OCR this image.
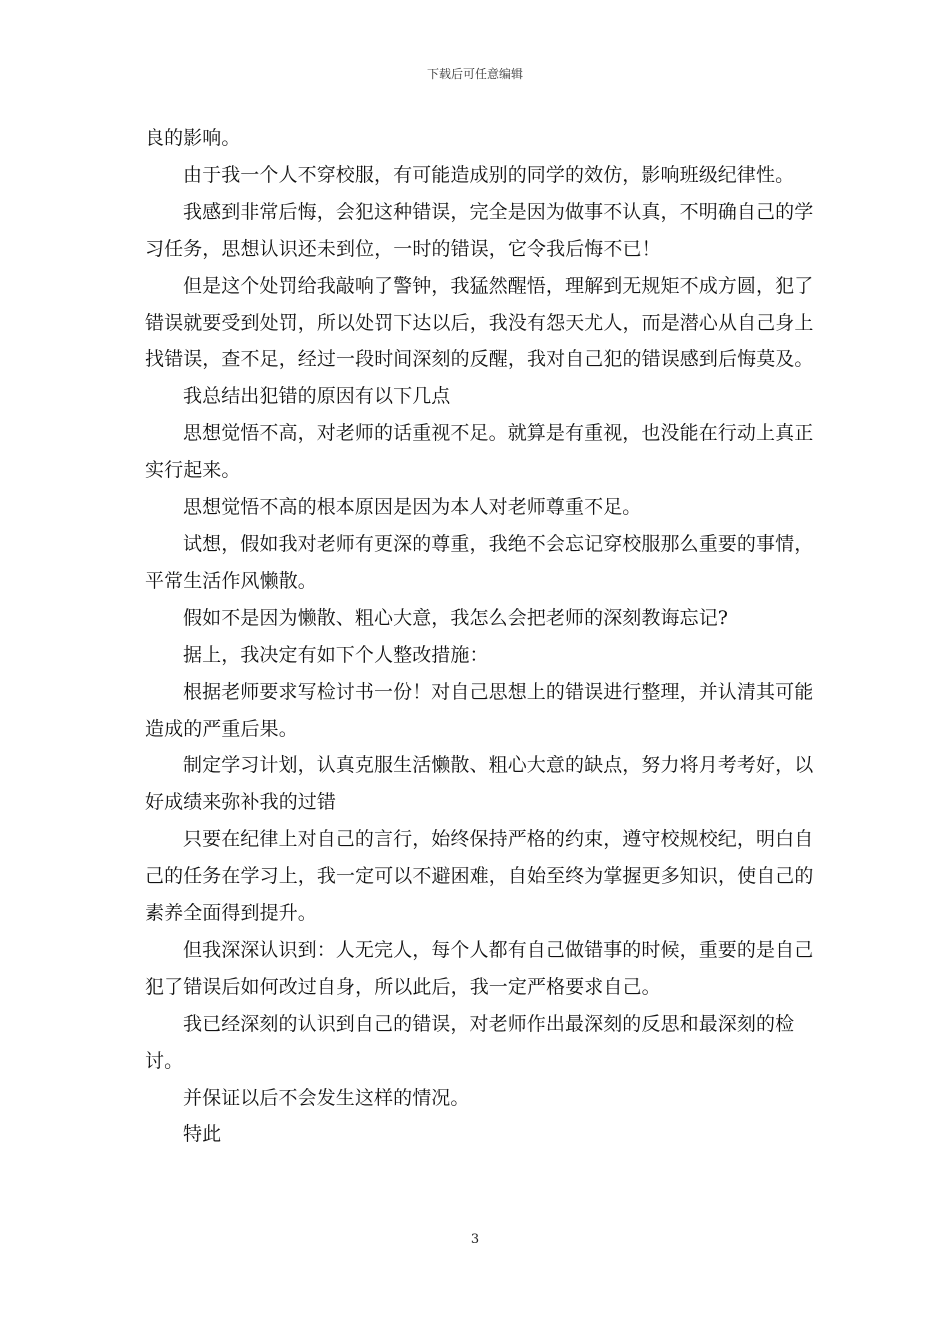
下载后可任意编辑

良的影响。

由于我一个人不穿校服，有可能造成别的同学的效仿，影响班级纪律性。

我感到非常后悔，会犯这种错误，完全是因为做事不认真，不明确自己的学习任务，思想认识还未到位，一时的错误，它令我后悔不已！

但是这个处罚给我敲响了警钟，我猛然醒悟，理解到无规矩不成方圆，犯了错误就要受到处罚，所以处罚下达以后，我没有怨天尤人，而是潜心从自己身上找错误，查不足，经过一段时间深刻的反醒，我对自己犯的错误感到后悔莫及。

我总结出犯错的原因有以下几点

思想觉悟不高，对老师的话重视不足。就算是有重视，也没能在行动上真正实行起来。

思想觉悟不高的根本原因是因为本人对老师尊重不足。

试想，假如我对老师有更深的尊重，我绝不会忘记穿校服那么重要的事情，平常生活作风懒散。

假如不是因为懒散、粗心大意，我怎么会把老师的深刻教诲忘记?

据上，我决定有如下个人整改措施：

根据老师要求写检讨书一份！对自己思想上的错误进行整理，并认清其可能造成的严重后果。

制定学习计划，认真克服生活懒散、粗心大意的缺点，努力将月考考好，以好成绩来弥补我的过错

只要在纪律上对自己的言行，始终保持严格的约束，遵守校规校纪，明白自己的任务在学习上，我一定可以不避困难，自始至终为掌握更多知识，使自己的素养全面得到提升。

但我深深认识到：人无完人，每个人都有自己做错事的时候，重要的是自己犯了错误后如何改过自身，所以此后，我一定严格要求自己。

我已经深刻的认识到自己的错误，对老师作出最深刻的反思和最深刻的检讨。

并保证以后不会发生这样的情况。

特此

3
